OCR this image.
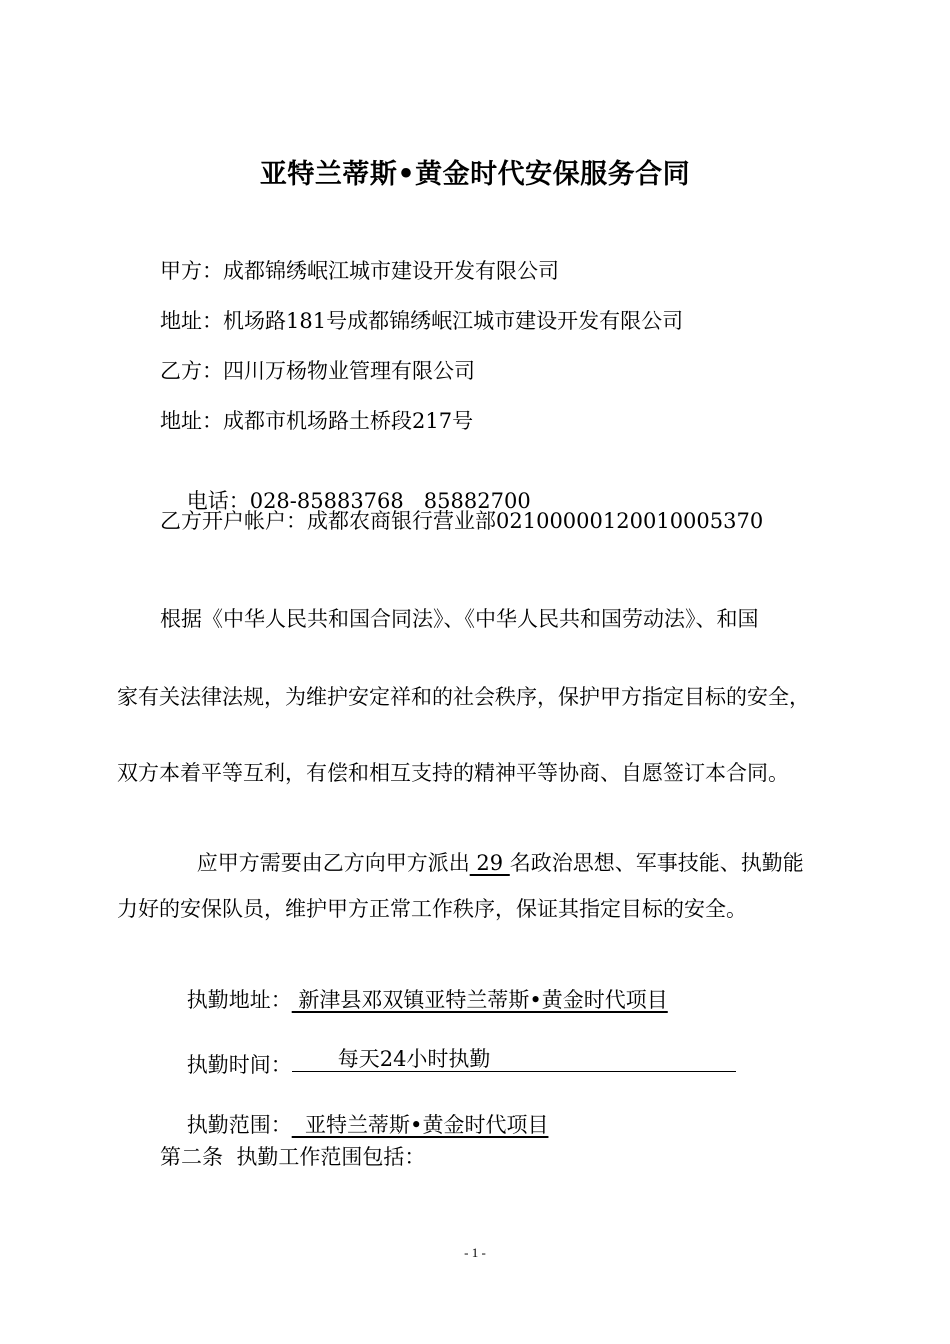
亚特兰蒂斯•黄金时代安保服务合同
甲方：成都锦绣岷江城市建设开发有限公司
地址：机场路181号成都锦绣岷江城市建设开发有限公司
乙方：四川万杨物业管理有限公司
地址：成都市机场路土桥段217号

电话：028-85883768   85882700

乙方开户帐户：成都农商银行营业部02100000120010005370
根据《中华人民共和国合同法》、《中华人民共和国劳动法》、和国
家有关法律法规，为维护安定祥和的社会秩序，保护甲方指定目标的安全，
双方本着平等互利，有偿和相互支持的精神平等协商、自愿签订本合同。

应甲方需要由乙方向甲方派出 29 名政治思想、军事技能、执勤能

力好的安保队员，维护甲方正常工作秩序，保证其指定目标的安全。

执勤地址： 新津县邓双镇亚特兰蒂斯•黄金时代项目

执勤时间： 每天24小时执勤

执勤范围：  亚特兰蒂斯•黄金时代项目

第二条  执勤工作范围包括：
- 1 -
